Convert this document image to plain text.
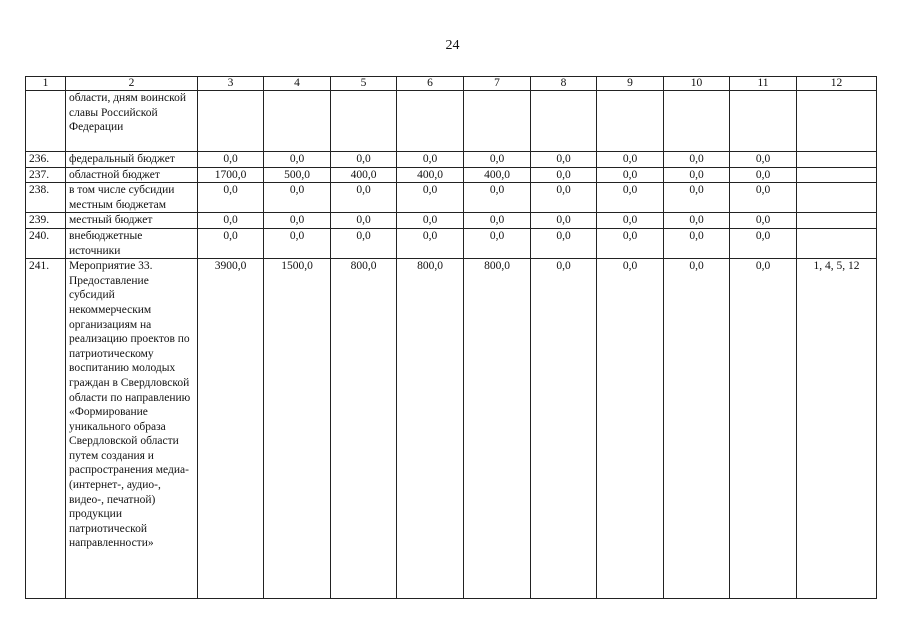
24
1	2	3	4	5	6	7	8	9	10	11	12
	области, дням воинской славы Российской Федерации										
236.	федеральный бюджет	0,0	0,0	0,0	0,0	0,0	0,0	0,0	0,0	0,0	
237.	областной бюджет	1700,0	500,0	400,0	400,0	400,0	0,0	0,0	0,0	0,0	
238.	в том числе субсидии местным бюджетам	0,0	0,0	0,0	0,0	0,0	0,0	0,0	0,0	0,0	
239.	местный бюджет	0,0	0,0	0,0	0,0	0,0	0,0	0,0	0,0	0,0	
240.	внебюджетные источники	0,0	0,0	0,0	0,0	0,0	0,0	0,0	0,0	0,0	
241.	Мероприятие 33. Предоставление субсидий некоммерческим организациям на реализацию проектов по патриотическому воспитанию молодых граждан в Свердловской области по направлению «Формирование уникального образа Свердловской области путем создания и распространения медиа- (интернет-, аудио-, видео-, печатной) продукции патриотической направленности»	3900,0	1500,0	800,0	800,0	800,0	0,0	0,0	0,0	0,0	1, 4, 5, 12
